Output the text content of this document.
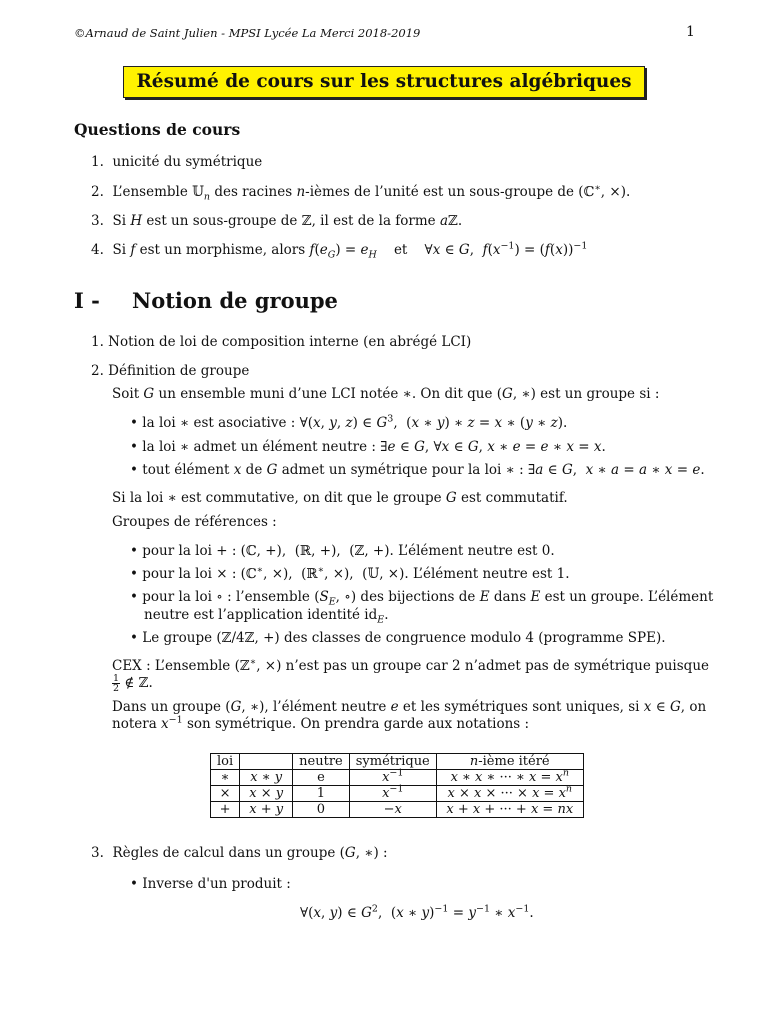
©Arnaud de Saint Julien - MPSI Lycée La Merci 2018-2019	1
Résumé de cours sur les structures algébriques
Questions de cours
1.  unicité du symétrique
2.  L’ensemble 𝕌$_n$ des racines n-ièmes de l’unité est un sous-groupe de (ℂ∗, ×).
3.  Si H est un sous-groupe de ℤ, il est de la forme aℤ.
4.  Si f est un morphisme, alors $f(e_G) = e_H$    et    ∀x ∈ G,  $f(x^{-1}) = (f(x))^{-1}$
I - Notion de groupe
1. Notion de loi de composition interne (en abrégé LCI)
2. Définition de groupe
Soit G un ensemble muni d’une LCI notée ∗. On dit que (G, ∗) est un groupe si :
• la loi ∗ est asociative : ∀(x, y, z) ∈ $G^3$,  (x ∗ y) ∗ z = x ∗ (y ∗ z).
• la loi ∗ admet un élément neutre : ∃e ∈ G, ∀x ∈ G, x ∗ e = e ∗ x = x.
• tout élément x de G admet un symétrique pour la loi ∗ : ∃a ∈ G,  x ∗ a = a ∗ x = e.
Si la loi ∗ est commutative, on dit que le groupe G est commutatif.
Groupes de références :
• pour la loi + : (ℂ, +),  (ℝ, +),  (ℤ, +). L’élément neutre est 0.
• pour la loi × : (ℂ∗, ×),  (ℝ∗, ×),  (𝕌, ×). L’élément neutre est 1.
• pour la loi ∘ : l’ensemble ($S_E$, ∘) des bijections de E dans E est un groupe. L’élément
neutre est l’application identité $id_E$.
• Le groupe (ℤ/4ℤ, +) des classes de congruence modulo 4 (programme SPE).
CEX : L’ensemble (ℤ∗, ×) n’est pas un groupe car 2 n’admet pas de symétrique puisque
$\frac{1}{2}$ ∉ ℤ.
Dans un groupe (G, ∗), l’élément neutre e et les symétriques sont uniques, si x ∈ G, on
notera $x^{-1}$ son symétrique. On prendra garde aux notations :
loi		neutre	symétrique	n-ième itéré
∗	x ∗ y	e	$x^{-1}$	x ∗ x ∗ ··· ∗ $x = x^n$
×	x × y	1	$x^{-1}$	x × x × ··· × $x = x^n$
+	x + y	0	−x	x + x + ··· + x = nx
3.  Règles de calcul dans un groupe (G, ∗) :
• Inverse d'un produit :
∀(x, y) ∈ $G^2$,  (x ∗ $y)^{-1} = y^{-1}$ ∗ $x^{-1}$.
